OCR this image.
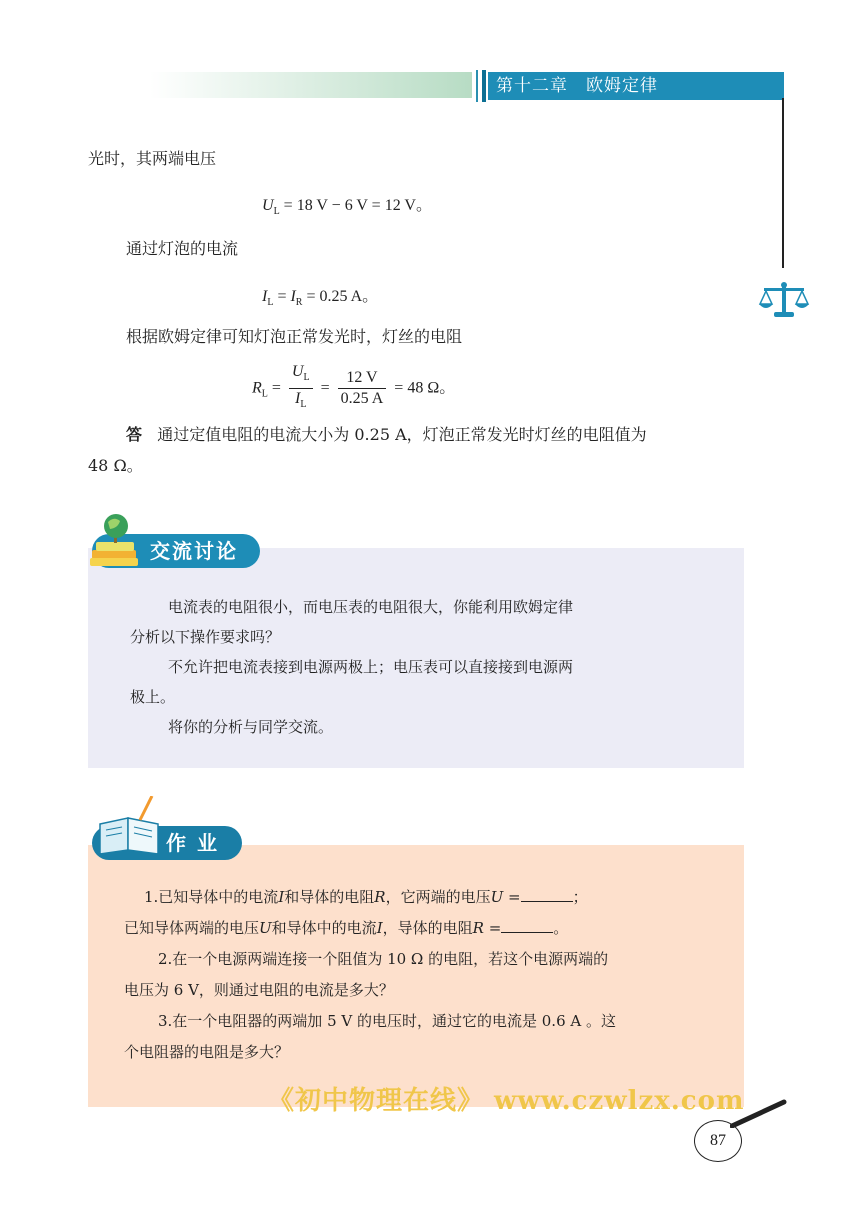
第十二章　欧姆定律
光时，其两端电压
$U_L = 18$ V − 6 V = 12 V。
通过灯泡的电流
$I_L = I_R = 0.25$ A。
根据欧姆定律可知灯泡正常发光时，灯丝的电阻
$R_L = \frac{U_L}{I_L} = \frac{12 V}{0.25 A} = 48$ Ω。
答 通过定值电阻的电流大小为 0.25 A，灯泡正常发光时灯丝的电阻值为
48 Ω。
交流讨论
电流表的电阻很小，而电压表的电阻很大，你能利用欧姆定律
分析以下操作要求吗？
不允许把电流表接到电源两极上；电压表可以直接接到电源两
极上。
将你的分析与同学交流。
作 业
1.已知导体中的电流I和导体的电阻R，它两端的电压U =	；
已知导体两端的电压U和导体中的电流I，导体的电阻R =	。
2.在一个电源两端连接一个阻值为 10 Ω 的电阻，若这个电源两端的
电压为 6 V，则通过电阻的电流是多大？
3.在一个电阻器的两端加 5 V 的电压时，通过它的电流是 0.6 A 。这
个电阻器的电阻是多大？
《初中物理在线》 www.czwlzx.com
87
